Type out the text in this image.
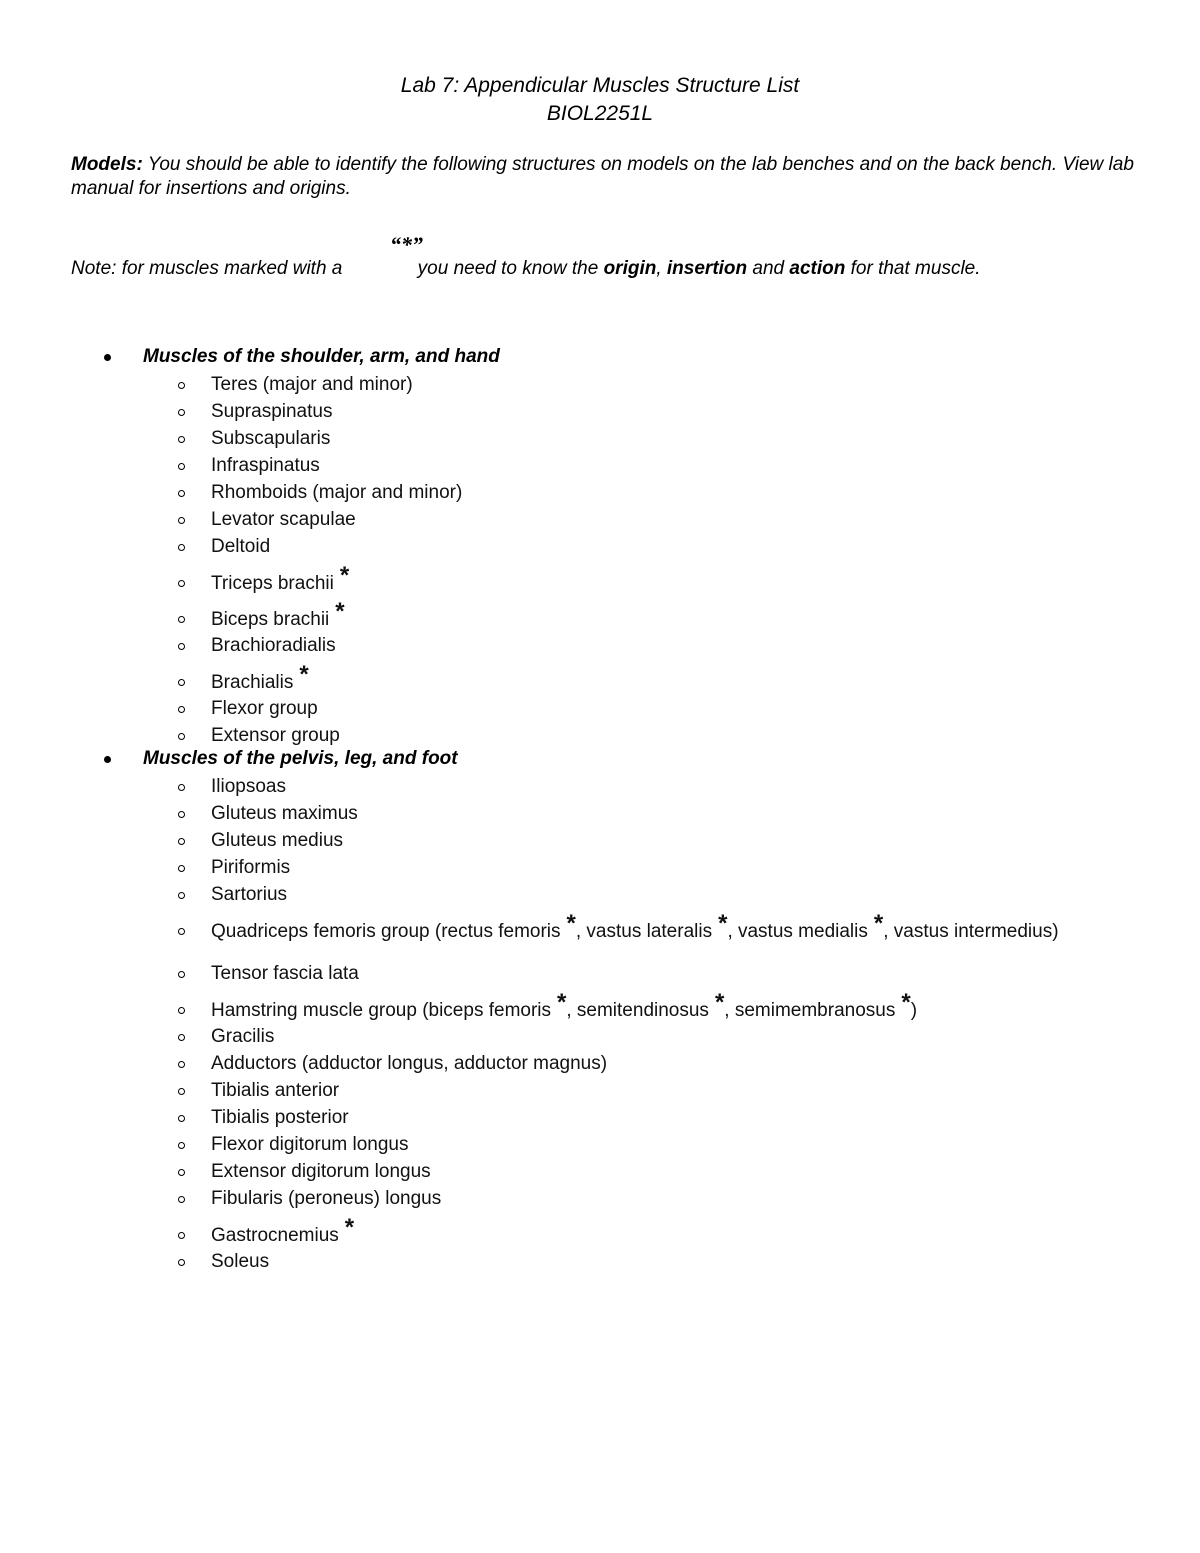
Lab 7: Appendicular Muscles Structure List
BIOL2251L
Models: You should be able to identify the following structures on models on the lab benches and on the back bench. View lab manual for insertions and origins.
“*”
Note: for muscles marked with a	you need to know the origin, insertion and action for that muscle.
Muscles of the shoulder, arm, and hand
Teres (major and minor)
Supraspinatus
Subscapularis
Infraspinatus
Rhomboids (major and minor)
Levator scapulae
Deltoid
Triceps brachii *
Biceps brachii *
Brachioradialis
Brachialis *
Flexor group
Extensor group
Muscles of the pelvis, leg, and foot
Iliopsoas
Gluteus maximus
Gluteus medius
Piriformis
Sartorius
Quadriceps femoris group (rectus femoris *, vastus lateralis *, vastus medialis *, vastus intermedius)
Tensor fascia lata
Hamstring muscle group (biceps femoris *, semitendinosus *, semimembranosus *)
Gracilis
Adductors (adductor longus, adductor magnus)
Tibialis anterior
Tibialis posterior
Flexor digitorum longus
Extensor digitorum longus
Fibularis (peroneus) longus
Gastrocnemius *
Soleus
